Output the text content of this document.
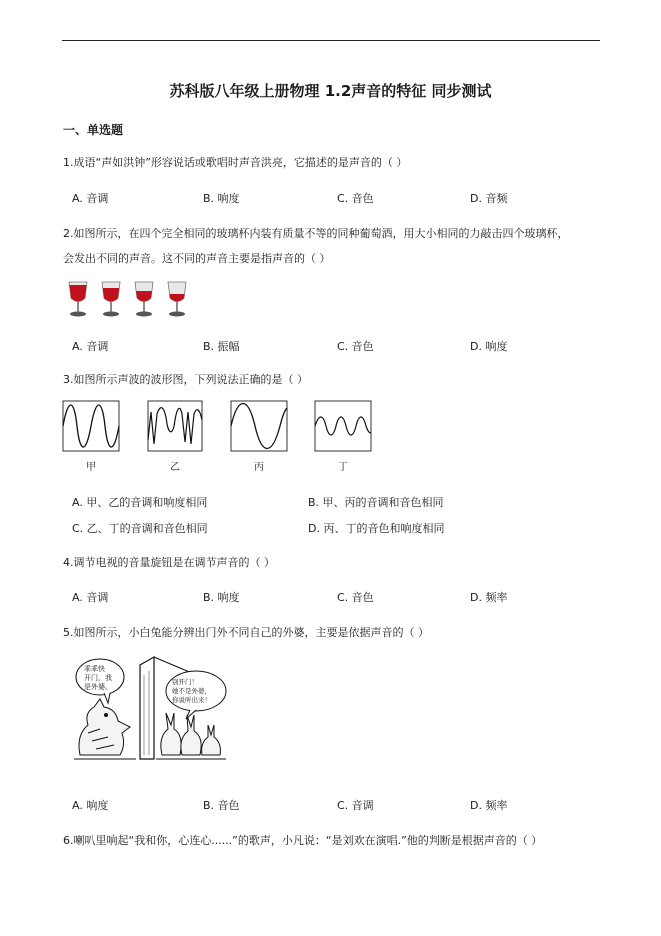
苏科版八年级上册物理 1.2声音的特征 同步测试
一、单选题
1.成语“声如洪钟”形容说话或歌唱时声音洪亮，它描述的是声音的（ ）
A. 音调	B. 响度	C. 音色	D. 音频
2.如图所示，在四个完全相同的玻璃杯内装有质量不等的同种葡萄酒，用大小相同的力敲击四个玻璃杯，
会发出不同的声音。这不同的声音主要是指声音的（ ）
A. 音调	B. 振幅	C. 音色	D. 响度
3.如图所示声波的波形图，下列说法正确的是（ ）
甲	乙	丙	丁
A. 甲、乙的音调和响度相同	B. 甲、丙的音调和音色相同
C. 乙、丁的音调和音色相同	D. 丙、丁的音色和响度相同
4.调节电视的音量旋钮是在调节声音的（ ）
A. 音调	B. 响度	C. 音色	D. 频率
5.如图所示，小白兔能分辨出门外不同自己的外婆，主要是依据声音的（ ）
乖乖快
开门，我
是外婆。
别开门！
她不是外婆，
你说听出来！
A. 响度	B. 音色	C. 音调	D. 频率
6.喇叭里响起“我和你，心连心......”的歌声，小凡说：“是刘欢在演唱.”他的判断是根据声音的（ ）
